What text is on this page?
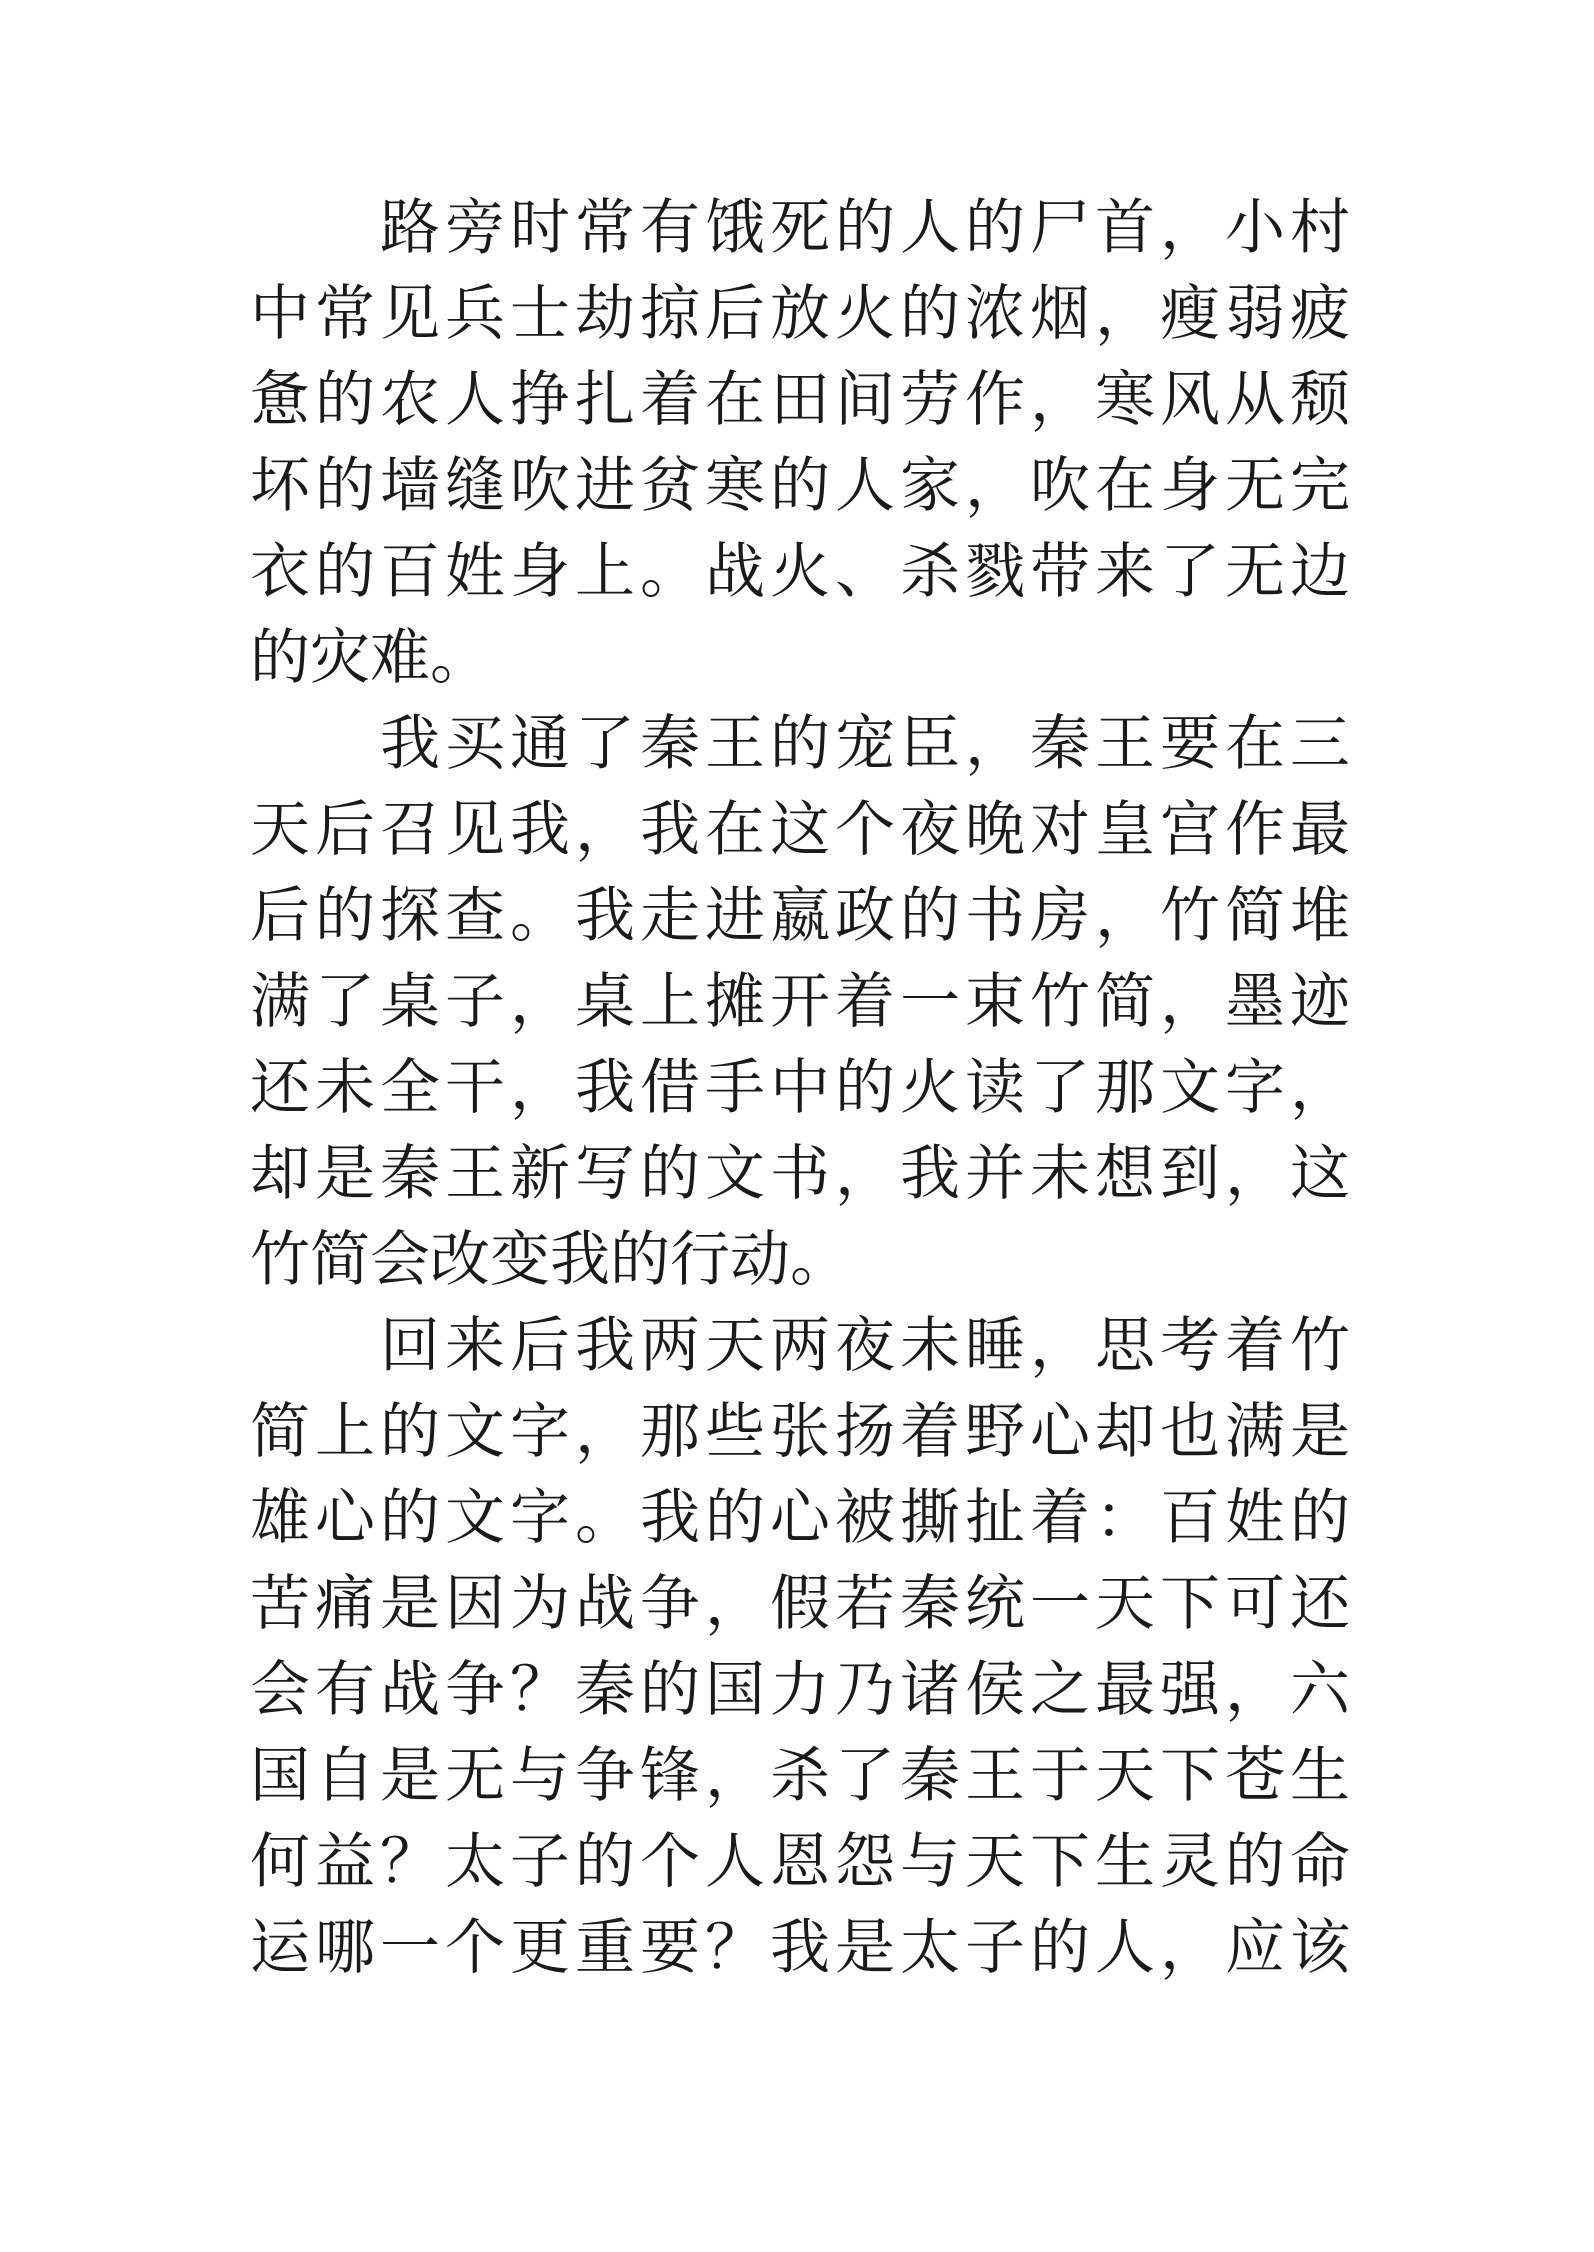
路旁时常有饿死的人的尸首，小村
中常见兵士劫掠后放火的浓烟，瘦弱疲
惫的农人挣扎着在田间劳作，寒风从颓
坏的墙缝吹进贫寒的人家，吹在身无完
衣的百姓身上。战火、杀戮带来了无边
的灾难。
我买通了秦王的宠臣，秦王要在三
天后召见我，我在这个夜晚对皇宫作最
后的探查。我走进嬴政的书房，竹简堆
满了桌子，桌上摊开着一束竹简，墨迹
还未全干，我借手中的火读了那文字，
却是秦王新写的文书，我并未想到，这
竹简会改变我的行动。
回来后我两天两夜未睡，思考着竹
简上的文字，那些张扬着野心却也满是
雄心的文字。我的心被撕扯着：百姓的
苦痛是因为战争，假若秦统一天下可还
会有战争？秦的国力乃诸侯之最强，六
国自是无与争锋，杀了秦王于天下苍生
何益？太子的个人恩怨与天下生灵的命
运哪一个更重要？我是太子的人，应该
